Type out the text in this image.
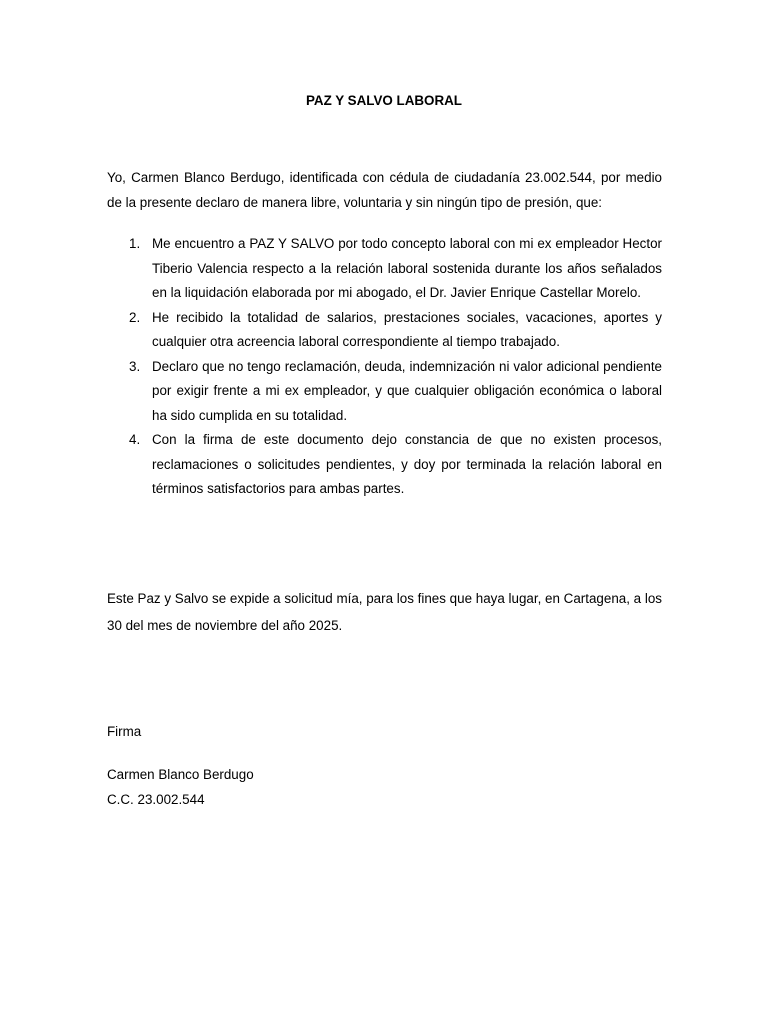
PAZ Y SALVO LABORAL

Yo, Carmen Blanco Berdugo, identificada con cédula de ciudadanía 23.002.544, por medio de la presente declaro de manera libre, voluntaria y sin ningún tipo de presión, que:

1. Me encuentro a PAZ Y SALVO por todo concepto laboral con mi ex empleador Hector Tiberio Valencia respecto a la relación laboral sostenida durante los años señalados en la liquidación elaborada por mi abogado, el Dr. Javier Enrique Castellar Morelo.
2. He recibido la totalidad de salarios, prestaciones sociales, vacaciones, aportes y cualquier otra acreencia laboral correspondiente al tiempo trabajado.
3. Declaro que no tengo reclamación, deuda, indemnización ni valor adicional pendiente por exigir frente a mi ex empleador, y que cualquier obligación económica o laboral ha sido cumplida en su totalidad.
4. Con la firma de este documento dejo constancia de que no existen procesos, reclamaciones o solicitudes pendientes, y doy por terminada la relación laboral en términos satisfactorios para ambas partes.

Este Paz y Salvo se expide a solicitud mía, para los fines que haya lugar, en Cartagena, a los 30 del mes de noviembre del año 2025.

Firma
Carmen Blanco Berdugo
C.C. 23.002.544
